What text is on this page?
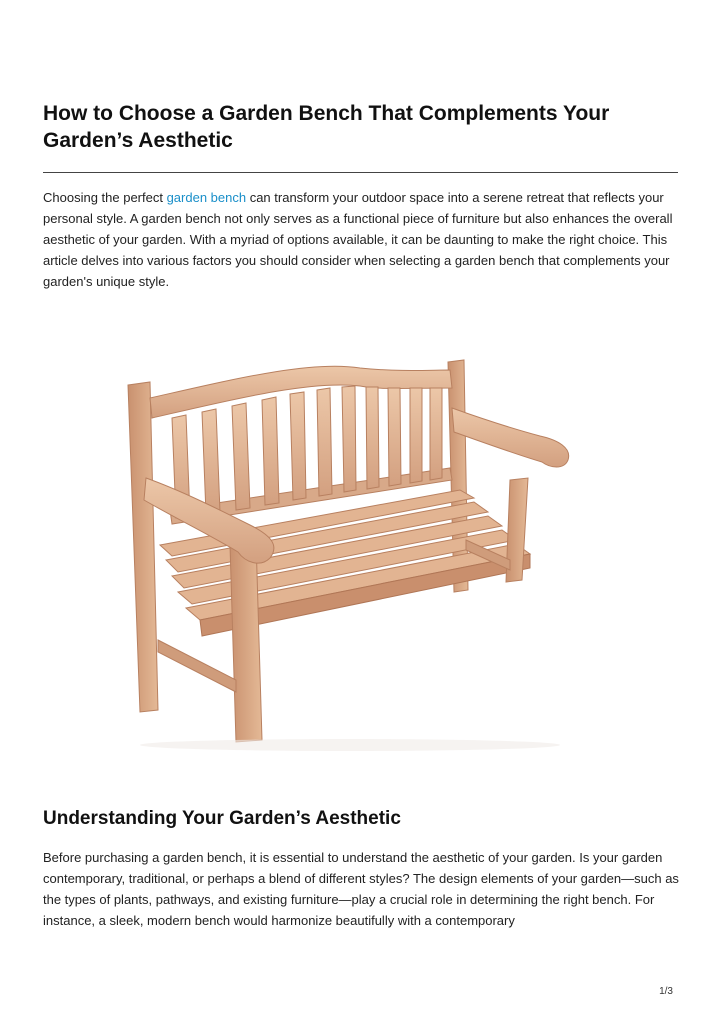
How to Choose a Garden Bench That Complements Your Garden’s Aesthetic

Choosing the perfect garden bench can transform your outdoor space into a serene retreat that reflects your personal style. A garden bench not only serves as a functional piece of furniture but also enhances the overall aesthetic of your garden. With a myriad of options available, it can be daunting to make the right choice. This article delves into various factors you should consider when selecting a garden bench that complements your garden's unique style.

Understanding Your Garden’s Aesthetic

Before purchasing a garden bench, it is essential to understand the aesthetic of your garden. Is your garden contemporary, traditional, or perhaps a blend of different styles? The design elements of your garden—such as the types of plants, pathways, and existing furniture—play a crucial role in determining the right bench. For instance, a sleek, modern bench would harmonize beautifully with a contemporary

1/3
